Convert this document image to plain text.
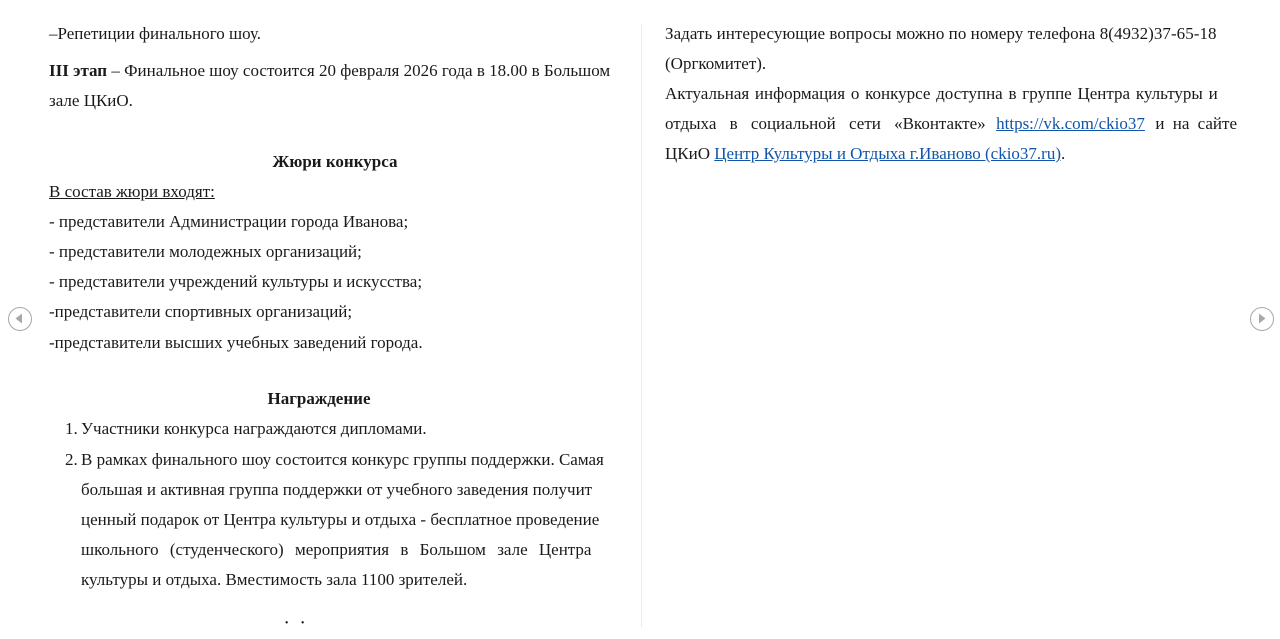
–Репетиции финального шоу.
III этап – Финальное шоу состоится 20 февраля 2026 года в 18.00 в Большом
зале ЦКиО.
Жюри конкурса
В состав жюри входят:
- представители Администрации города Иванова;
- представители молодежных организаций;
- представители учреждений культуры и искусства;
-представители спортивных организаций;
-представители высших учебных заведений города.
Награждение
1. Участники конкурса награждаются дипломами.
2. В рамках финального шоу состоится конкурс группы поддержки. Самая
большая и активная группа поддержки от учебного заведения получит
ценный подарок от Центра культуры и отдыха - бесплатное проведение
школьного (студенческого) мероприятия в Большом зале Центра
культуры и отдыха. Вместимость зала 1100 зрителей.
˙ ˙
Задать интересующие вопросы можно по номеру телефона 8(4932)37-65-18
(Оргкомитет).
Актуальная информация о конкурсе доступна в группе Центра культуры и
отдыха в социальной сети «Вконтакте» https://vk.com/ckio37 и на сайте
ЦКиО Центр Культуры и Отдыха г.Иваново (ckio37.ru).
